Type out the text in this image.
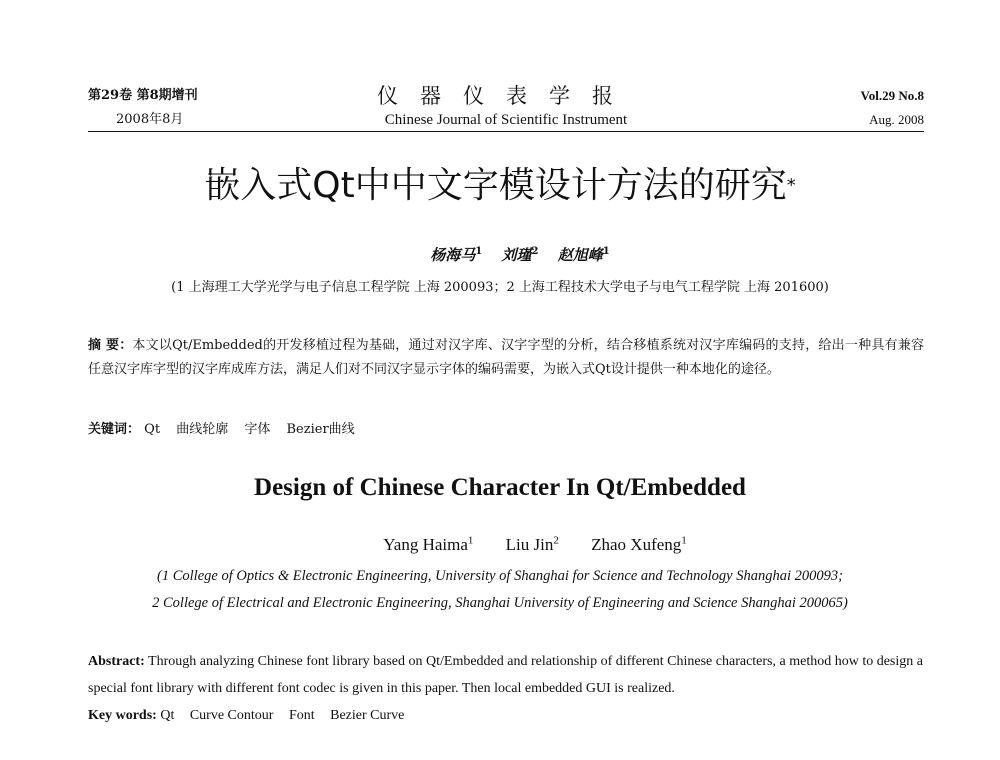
第29卷 第8期增刊
2008年8月
仪器仪表学报
Chinese Journal of Scientific Instrument
Vol.29 No.8
Aug. 2008
嵌入式Qt中中文字模设计方法的研究*
杨海马$^1$ 刘瑾$^2$ 赵旭峰$^1$
(1 上海理工大学光学与电子信息工程学院 上海 200093；2 上海工程技术大学电子与电气工程学院 上海 201600)
摘 要：本文以Qt/Embedded的开发移植过程为基础，通过对汉字库、汉字字型的分析，结合移植系统对汉字库编码的支持，给出一种具有兼容任意汉字库字型的汉字库成库方法，满足人们对不同汉字显示字体的编码需要，为嵌入式Qt设计提供一种本地化的途径。
关键词： Qt 曲线轮廓 字体 Bezier曲线
Design of Chinese Character In Qt/Embedded
Yang Haima$^1$ Liu Jin$^2$ Zhao Xufeng$^1$
(1 College of Optics & Electronic Engineering, University of Shanghai for Science and Technology Shanghai 200093;
2 College of Electrical and Electronic Engineering, Shanghai University of Engineering and Science Shanghai 200065)
Abstract: Through analyzing Chinese font library based on Qt/Embedded and relationship of different Chinese characters, a method how to design a special font library with different font codec is given in this paper. Then local embedded GUI is realized.
Key words: Qt Curve Contour Font Bezier Curve
